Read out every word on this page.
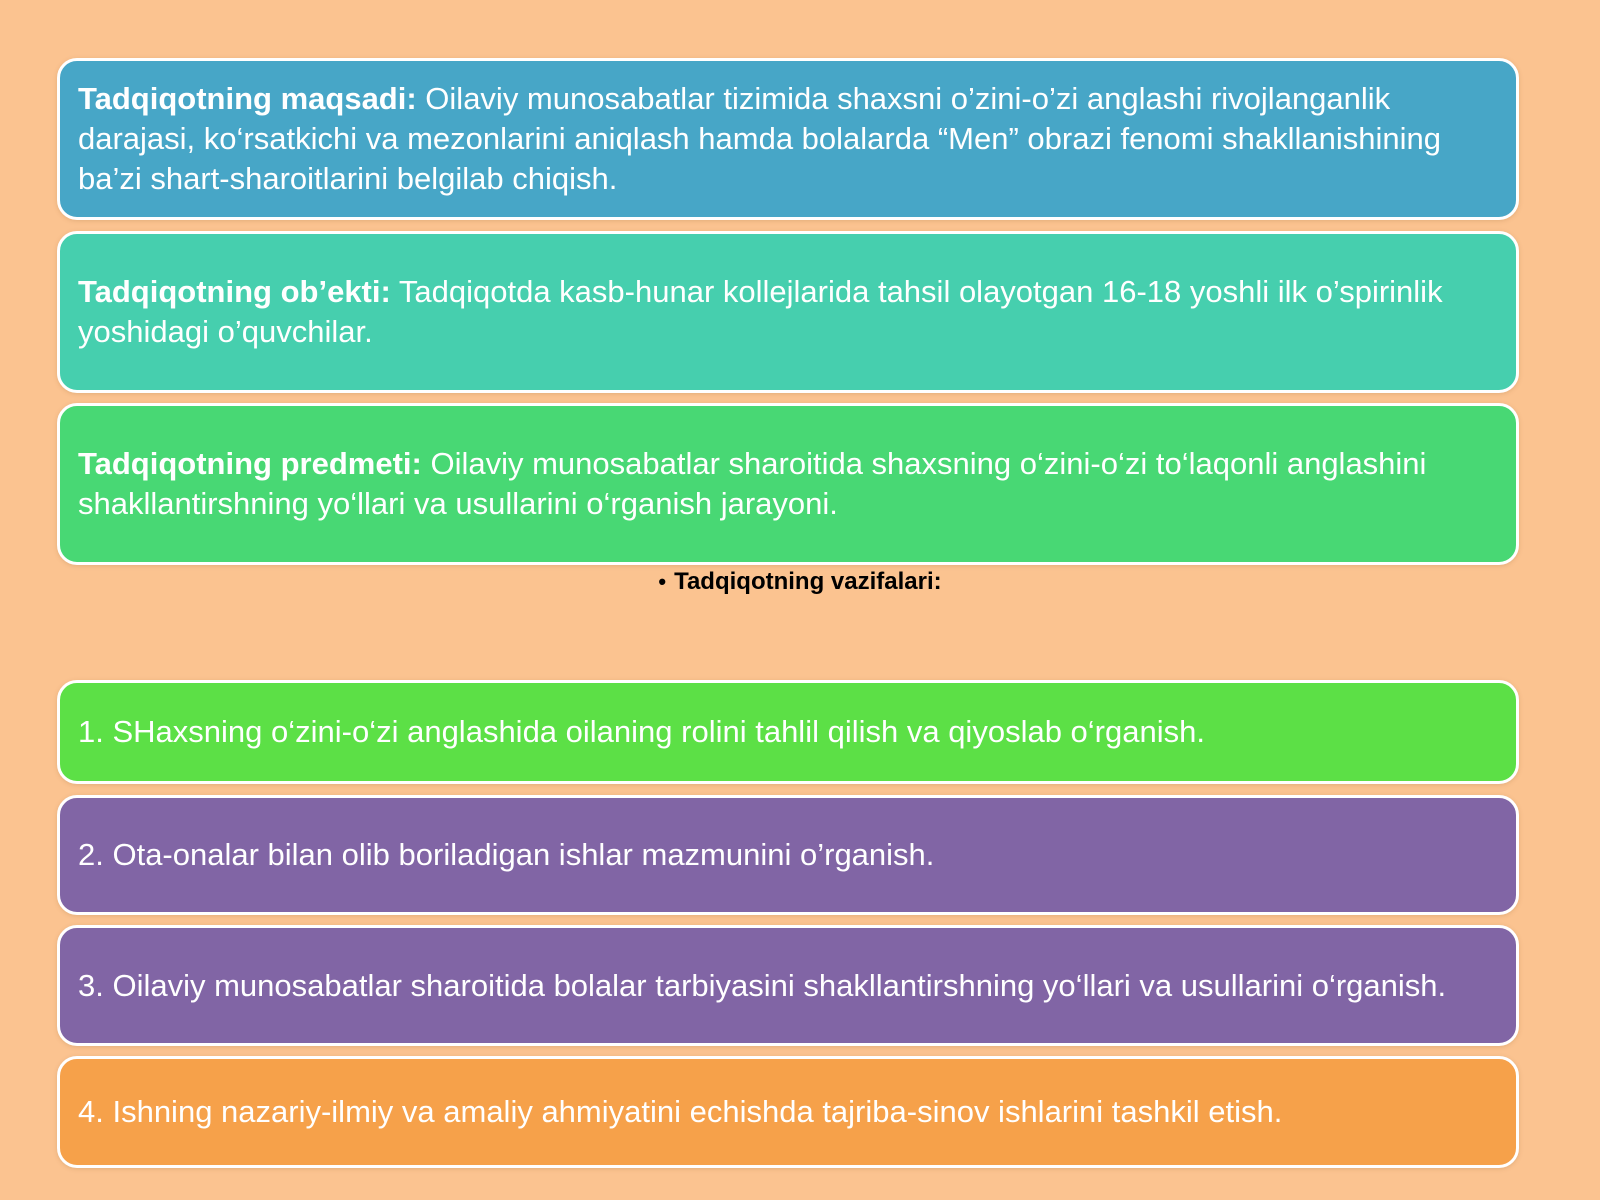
Tadqiqotning maqsadi: Oilaviy munosabatlar tizimida shaxsni o’zini-o’zi anglashi rivojlanganlik darajasi, ko‘rsatkichi va mezonlarini aniqlash hamda bolalarda “Men” obrazi fenomi shakllanishining ba’zi shart-sharoitlarini belgilab chiqish.

Tadqiqotning ob’ekti: Tadqiqotda kasb-hunar kollejlarida tahsil olayotgan 16-18 yoshli ilk o’spirinlik yoshidagi o’quvchilar.

Tadqiqotning predmeti: Oilaviy munosabatlar sharoitida shaxsning o‘zini-o‘zi to‘laqonli anglashini shakllantirshning yo‘llari va usullarini o‘rganish jarayoni.

• Tadqiqotning vazifalari:

1. SHaxsning o‘zini-o‘zi anglashida oilaning rolini tahlil qilish va qiyoslab o‘rganish.

2. Ota-onalar bilan olib boriladigan ishlar mazmunini o’rganish.

3. Oilaviy munosabatlar sharoitida bolalar tarbiyasini shakllantirshning yo‘llari va usullarini o‘rganish.

4. Ishning nazariy-ilmiy va amaliy ahmiyatini echishda tajriba-sinov ishlarini tashkil etish.
